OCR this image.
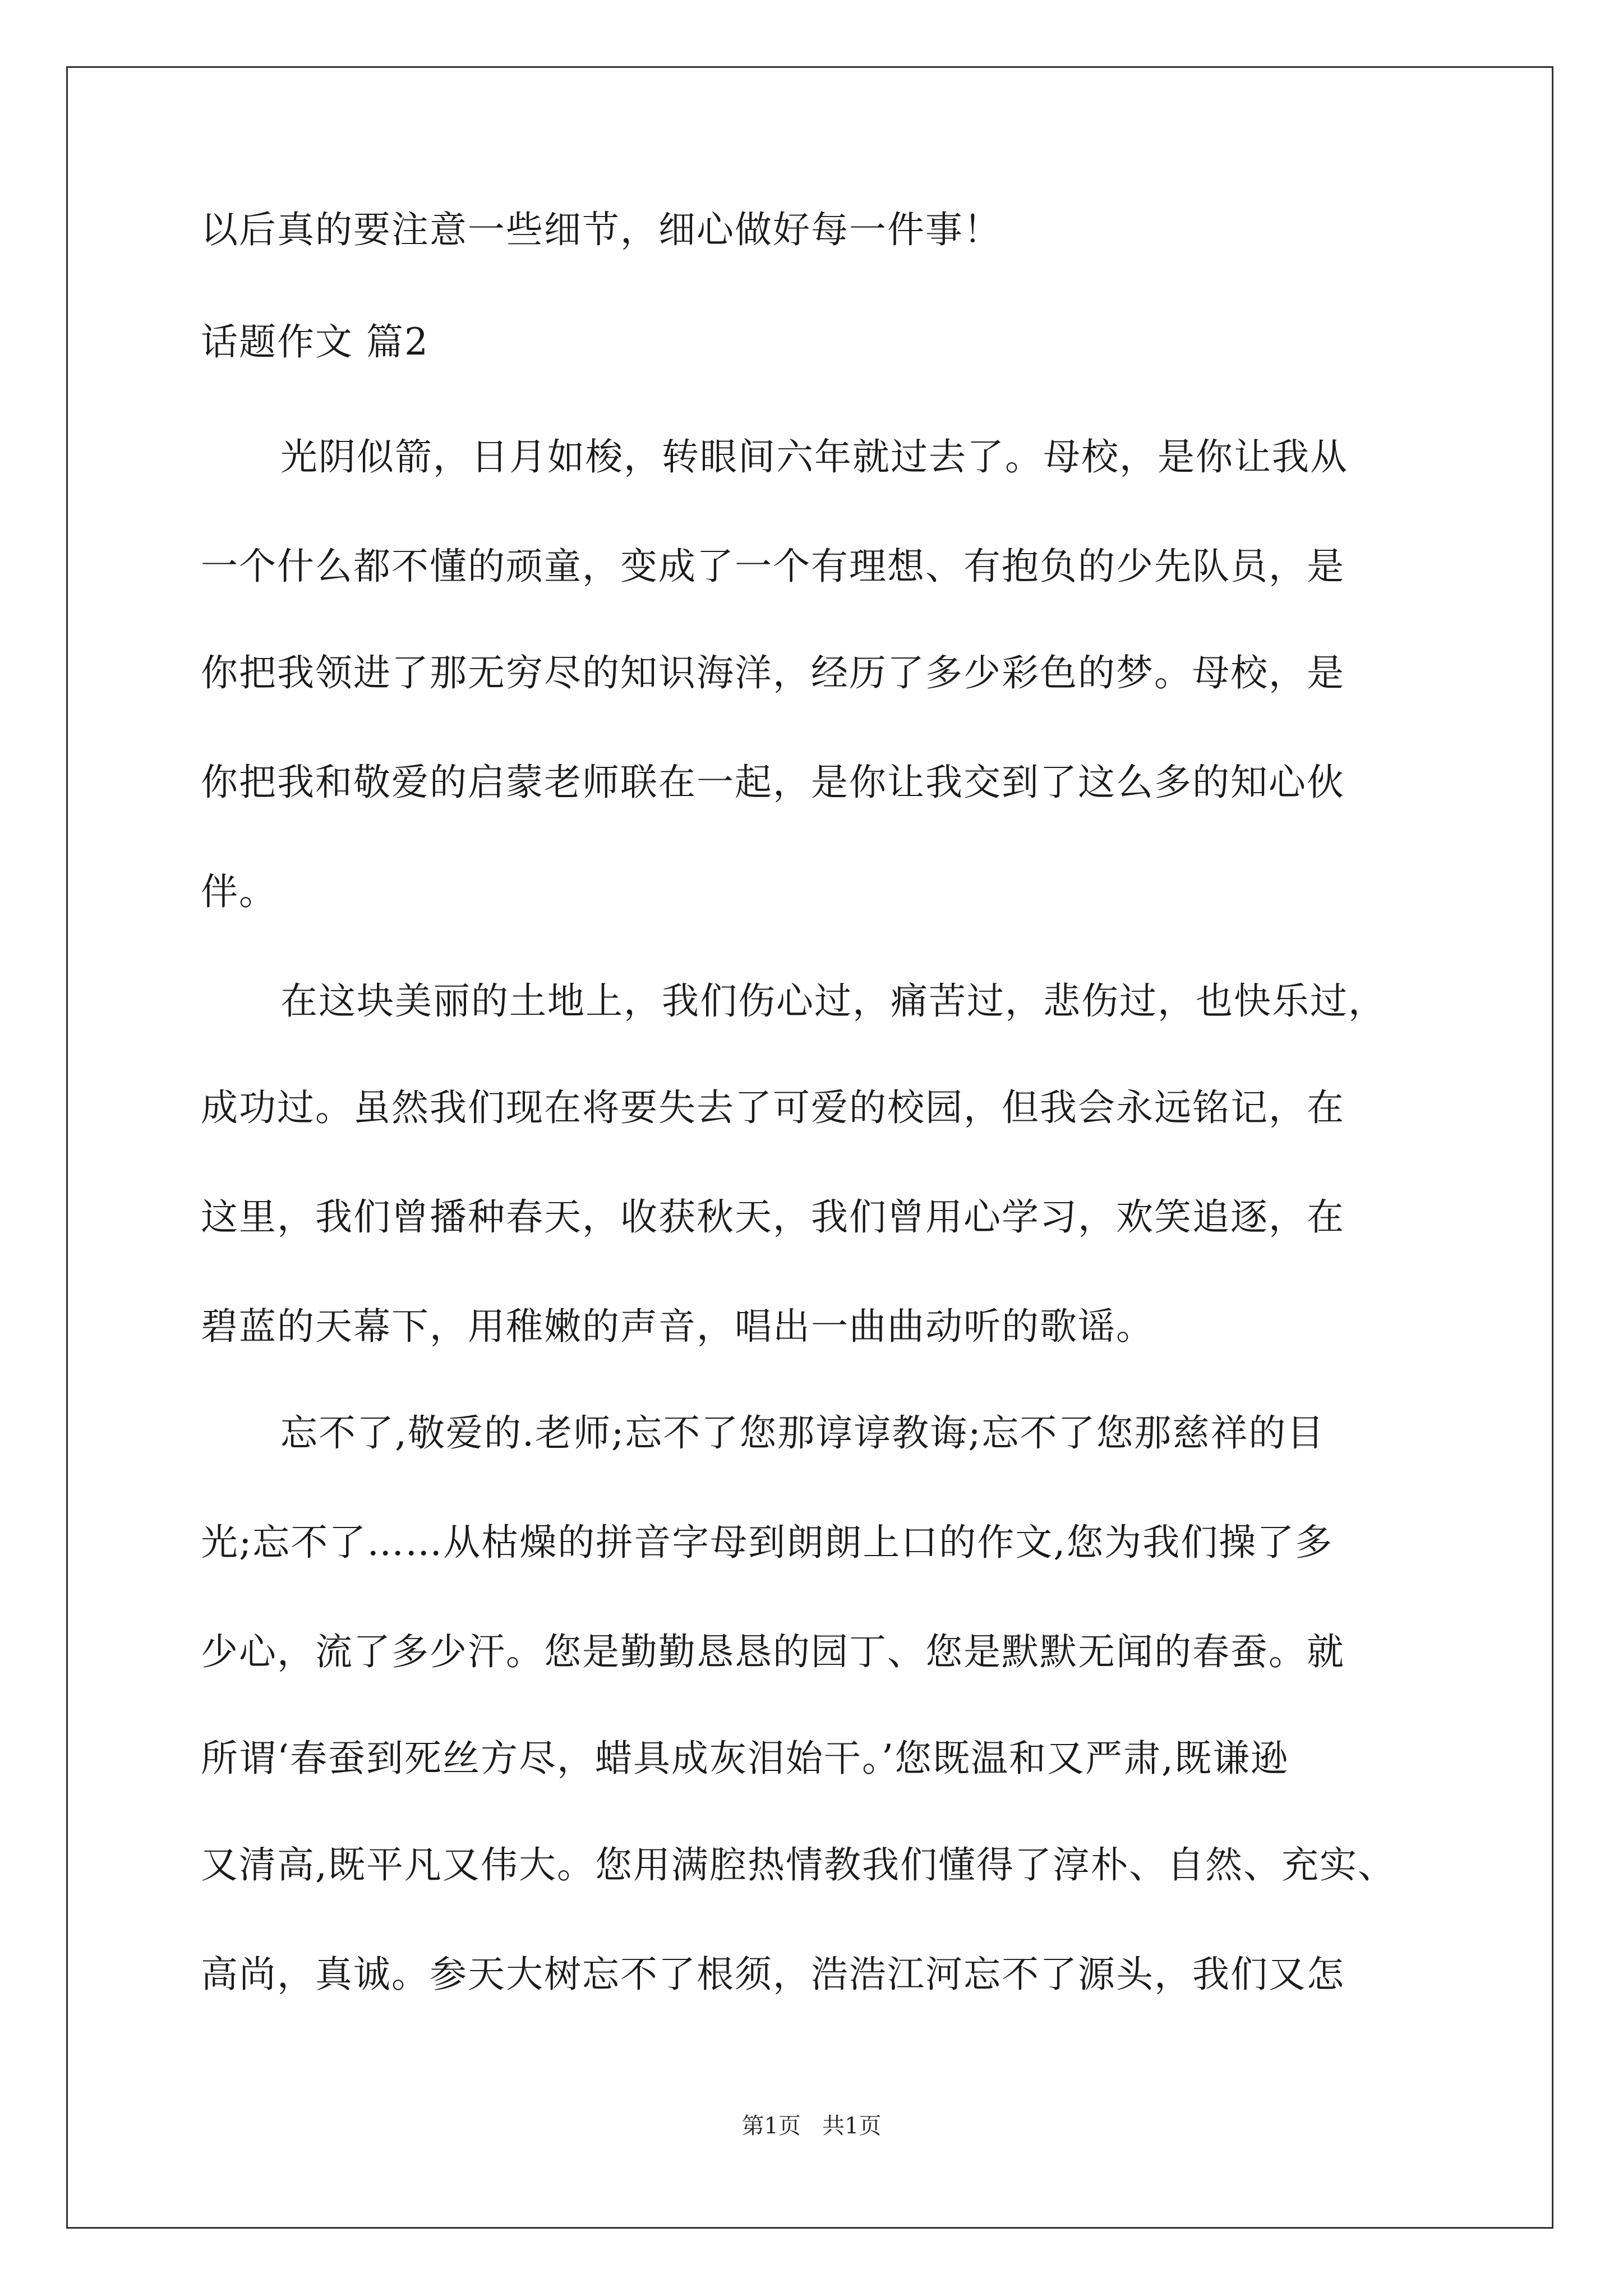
以后真的要注意一些细节，细心做好每一件事！
话题作文 篇2
光阴似箭，日月如梭，转眼间六年就过去了。母校，是你让我从
一个什么都不懂的顽童，变成了一个有理想、有抱负的少先队员，是
你把我领进了那无穷尽的知识海洋，经历了多少彩色的梦。母校，是
你把我和敬爱的启蒙老师联在一起，是你让我交到了这么多的知心伙
伴。
在这块美丽的土地上，我们伤心过，痛苦过，悲伤过，也快乐过，
成功过。虽然我们现在将要失去了可爱的校园，但我会永远铭记，在
这里，我们曾播种春天，收获秋天，我们曾用心学习，欢笑追逐，在
碧蓝的天幕下，用稚嫩的声音，唱出一曲曲动听的歌谣。
忘不了,敬爱的.老师;忘不了您那谆谆教诲;忘不了您那慈祥的目
光;忘不了……从枯燥的拼音字母到朗朗上口的作文,您为我们操了多
少心，流了多少汗。您是勤勤恳恳的园丁、您是默默无闻的春蚕。就
所谓‘春蚕到死丝方尽，蜡具成灰泪始干。’您既温和又严肃,既谦逊
又清高,既平凡又伟大。您用满腔热情教我们懂得了淳朴、自然、充实、
高尚，真诚。参天大树忘不了根须，浩浩江河忘不了源头，我们又怎
第1页   共1页
